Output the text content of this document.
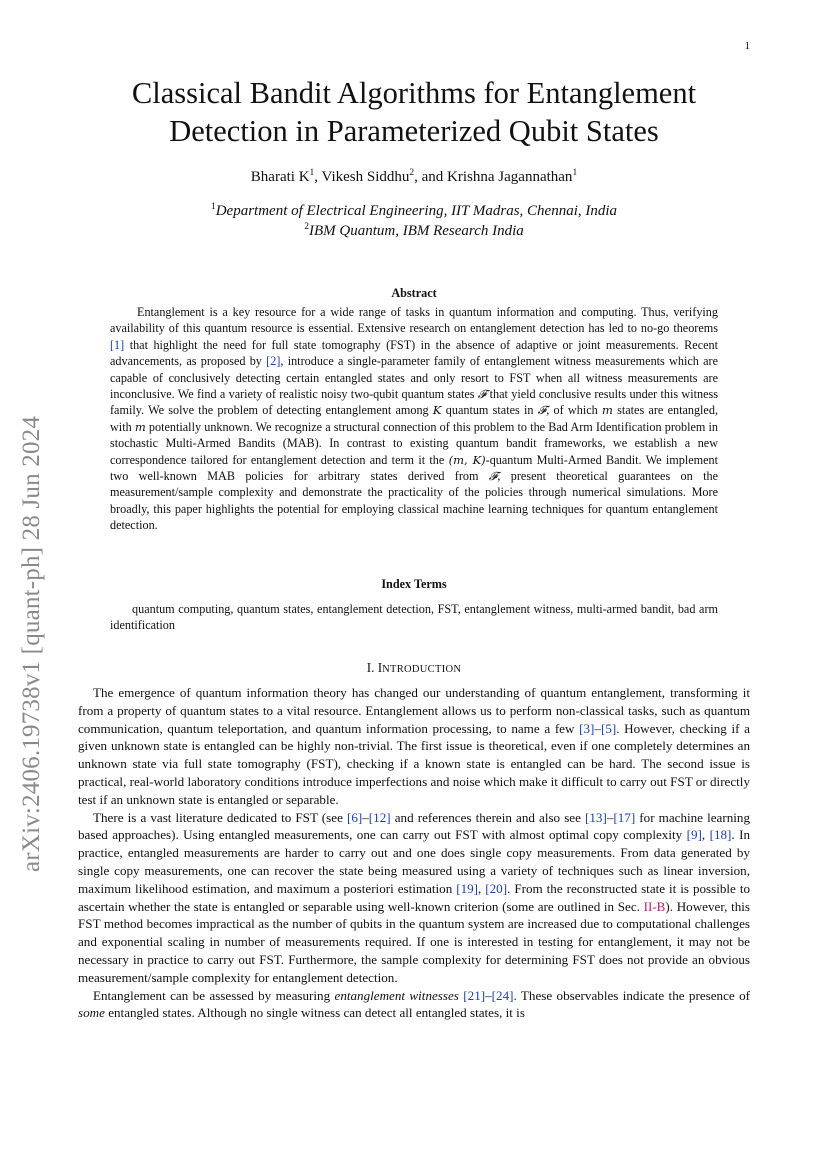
1
arXiv:2406.19738v1 [quant-ph] 28 Jun 2024
Classical Bandit Algorithms for Entanglement
Detection in Parameterized Qubit States
Bharati $K^1$, Vikesh Siddhu$^2$, and Krishna Jagannathan$^1$
$^1$Department of Electrical Engineering, IIT Madras, Chennai, India
$^2$IBM Quantum, IBM Research India
Abstract

Entanglement is a key resource for a wide range of tasks in quantum information and computing. Thus, verifying availability of this quantum resource is essential. Extensive research on entanglement detection has led to no-go theorems [1] that highlight the need for full state tomography (FST) in the absence of adaptive or joint measurements. Recent advancements, as proposed by [2], introduce a single-parameter family of entanglement witness measurements which are capable of conclusively detecting certain entangled states and only resort to FST when all witness measurements are inconclusive. We find a variety of realistic noisy two-qubit quantum states 𝓕 that yield conclusive results under this witness family. We solve the problem of detecting entanglement among K quantum states in 𝓕, of which m states are entangled, with m potentially unknown. We recognize a structural connection of this problem to the Bad Arm Identification problem in stochastic Multi-Armed Bandits (MAB). In contrast to existing quantum bandit frameworks, we establish a new correspondence tailored for entanglement detection and term it the (m, K)-quantum Multi-Armed Bandit. We implement two well-known MAB policies for arbitrary states derived from 𝓕, present theoretical guarantees on the measurement/sample complexity and demonstrate the practicality of the policies through numerical simulations. More broadly, this paper highlights the potential for employing classical machine learning techniques for quantum entanglement detection.

Index Terms

quantum computing, quantum states, entanglement detection, FST, entanglement witness, multi-armed bandit, bad arm identification

I. INTRODUCTION

The emergence of quantum information theory has changed our understanding of quantum entanglement, transforming it from a property of quantum states to a vital resource. Entanglement allows us to perform non-classical tasks, such as quantum communication, quantum teleportation, and quantum information processing, to name a few [3]–[5]. However, checking if a given unknown state is entangled can be highly non-trivial. The first issue is theoretical, even if one completely determines an unknown state via full state tomography (FST), checking if a known state is entangled can be hard. The second issue is practical, real-world laboratory conditions introduce imperfections and noise which make it difficult to carry out FST or directly test if an unknown state is entangled or separable.

There is a vast literature dedicated to FST (see [6]–[12] and references therein and also see [13]–[17] for machine learning based approaches). Using entangled measurements, one can carry out FST with almost optimal copy complexity [9], [18]. In practice, entangled measurements are harder to carry out and one does single copy measurements. From data generated by single copy measurements, one can recover the state being measured using a variety of techniques such as linear inversion, maximum likelihood estimation, and maximum a posteriori estimation [19], [20]. From the reconstructed state it is possible to ascertain whether the state is entangled or separable using well-known criterion (some are outlined in Sec. II-B). However, this FST method becomes impractical as the number of qubits in the quantum system are increased due to computational challenges and exponential scaling in number of measurements required. If one is interested in testing for entanglement, it may not be necessary in practice to carry out FST. Furthermore, the sample complexity for determining FST does not provide an obvious measurement/sample complexity for entanglement detection.

Entanglement can be assessed by measuring entanglement witnesses [21]–[24]. These observables indicate the presence of some entangled states. Although no single witness can detect all entangled states, it is
